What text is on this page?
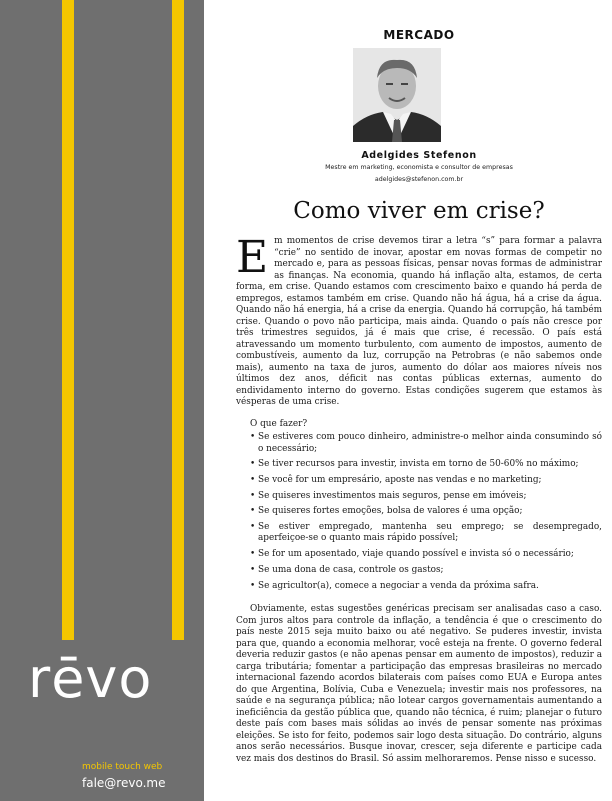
rēvo
mobile touch web
fale@revo.me
MERCADO
Adelgides Stefenon
Mestre em marketing, economista e consultor de empresas
adelgides@stefenon.com.br
Como viver em crise?

Em momentos de crise devemos tirar a letra “s” para formar a palavra “crie” no sentido de inovar, apostar em novas formas de competir no mercado e, para as pessoas físicas, pensar novas formas de administrar as finanças. Na economia, quando há inflação alta, estamos, de certa forma, em crise. Quando estamos com crescimento baixo e quando há perda de empregos, estamos também em crise. Quando não há água, há a crise da água. Quando não há energia, há a crise da energia. Quando há corrupção, há também crise. Quando o povo não participa, mais ainda. Quando o país não cresce por três trimestres seguidos, já é mais que crise, é recessão. O país está atravessando um momento turbulento, com aumento de impostos, aumento de combustíveis, aumento da luz, corrupção na Petrobras (e não sabemos onde mais), aumento na taxa de juros, aumento do dólar aos maiores níveis nos últimos dez anos, déficit nas contas públicas externas, aumento do endividamento interno do governo. Estas condições sugerem que estamos às vésperas de uma crise.

O que fazer?

• Se estiveres com pouco dinheiro, administre-o melhor ainda consumindo só o necessário;
• Se tiver recursos para investir, invista em torno de 50-60% no máximo;
• Se você for um empresário, aposte nas vendas e no marketing;
• Se quiseres investimentos mais seguros, pense em imóveis;
• Se quiseres fortes emoções, bolsa de valores é uma opção;
• Se estiver empregado, mantenha seu emprego; se desempregado, aperfeiçoe-se o quanto mais rápido possível;
• Se for um aposentado, viaje quando possível e invista só o necessário;
• Se uma dona de casa, controle os gastos;
• Se agricultor(a), comece a negociar a venda da próxima safra.

Obviamente, estas sugestões genéricas precisam ser analisadas caso a caso. Com juros altos para controle da inflação, a tendência é que o crescimento do país neste 2015 seja muito baixo ou até negativo. Se puderes investir, invista para que, quando a economia melhorar, você esteja na frente. O governo federal deveria reduzir gastos (e não apenas pensar em aumento de impostos), reduzir a carga tributária; fomentar a participação das empresas brasileiras no mercado internacional fazendo acordos bilaterais com países como EUA e Europa antes do que Argentina, Bolívia, Cuba e Venezuela; investir mais nos professores, na saúde e na segurança pública; não lotear cargos governamentais aumentando a ineficiência da gestão pública que, quando não técnica, é ruim; planejar o futuro deste país com bases mais sólidas ao invés de pensar somente nas próximas eleições. Se isto for feito, podemos sair logo desta situação. Do contrário, alguns anos serão necessários. Busque inovar, crescer, seja diferente e participe cada vez mais dos destinos do Brasil. Só assim melhoraremos. Pense nisso e sucesso.
